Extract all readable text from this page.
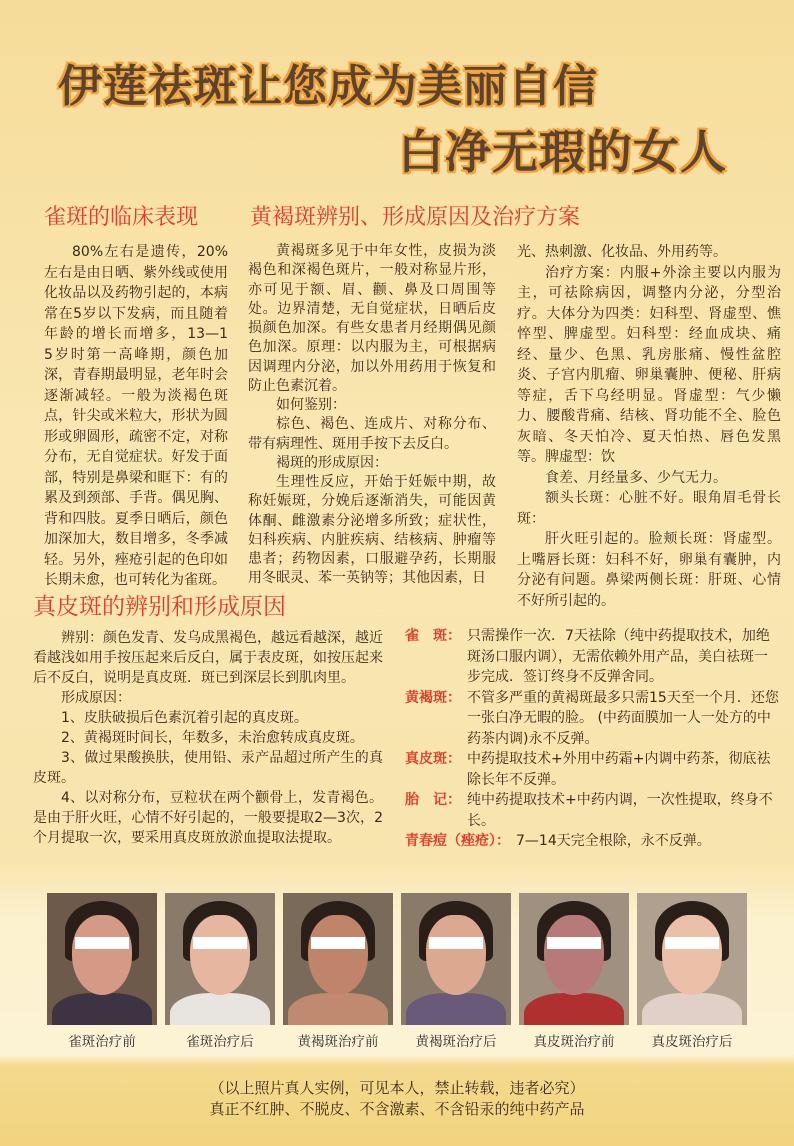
伊莲祛斑让您成为美丽自信
白净无瑕的女人
雀斑的临床表现 黄褐斑辨别、形成原因及治疗方案

80%左右是遗传，20%左右是由日晒、紫外线或使用化妆品以及药物引起的，本病常在5岁以下发病，而且随着年龄的增长而增多，13—1　5岁时第一高峰期，颜色加深，青春期最明显，老年时会逐渐减轻。一般为淡褐色斑点，针尖或米粒大，形状为圆形或卵圆形，疏密不定，对称分布，无自觉症状。好发于面部，特别是鼻梁和眶下：有的累及到颈部、手背。偶见胸、背和四肢。夏季日晒后，颜色加深加大，数目增多，冬季减轻。另外，痤疮引起的色印如长期未愈，也可转化为雀斑。

黄褐斑多见于中年女性，皮损为淡褐色和深褐色斑片，一般对称显片形，亦可见于额、眉、颧、鼻及口周围等处。边界清楚，无自觉症状，日晒后皮损颜色加深。有些女患者月经期偶见颜色加深。原理：以内服为主，可根据病因调理内分泌，加以外用药用于恢复和防止色素沉着。

如何鉴别：

棕色、褐色、连成片、对称分布、带有病理性、斑用手按下去反白。

褐斑的形成原因：

生理性反应，开始于妊娠中期，故称妊娠斑，分娩后逐渐消失，可能因黄体酮、雌激素分泌增多所致；症状性，妇科疾病、内脏疾病、结核病、肿瘤等患者；药物因素，口服避孕药，长期服用冬眠灵、苯一英钠等；其他因素，日

光、热刺激、化妆品、外用药等。

治疗方案：内服+外涂主要以内服为主，可祛除病因，调整内分泌，分型治疗。大体分为四类：妇科型、肾虚型、憔悴型、脾虚型。妇科型：经血成块、痛经、量少、色黑、乳房胀痛、慢性盆腔炎、子宫内肌瘤、卵巢囊肿、便秘、肝病等症，舌下乌经明显。肾虚型：气少懒力、腰酸背痛、结核、肾功能不全、脸色灰暗、冬天怕冷、夏天怕热、唇色发黑等。脾虚型：饮

食差、月经量多、少气无力。

额头长斑：心脏不好。眼角眉毛骨长斑：

肝火旺引起的。脸颊长斑：肾虚型。上嘴唇长斑：妇科不好，卵巢有囊肿，内分泌有问题。鼻梁两侧长斑：肝斑、心情不好所引起的。

真皮斑的辨别和形成原因

辨别：颜色发青、发乌成黑褐色，越远看越深，越近看越浅如用手按压起来后反白，属于表皮斑，如按压起来后不反白，说明是真皮斑．斑已到深层长到肌肉里。

形成原因：

1、皮肤破损后色素沉着引起的真皮斑。

2、黄褐斑时间长，年数多，未治愈转成真皮斑。

3、做过果酸换肤，使用铅、汞产品超过所产生的真皮斑。

4、以对称分布，豆粒状在两个颧骨上，发青褐色。是由于肝火旺，心情不好引起的，一般要提取2—3次，2个月提取一次，要采用真皮斑放淤血提取法提取。

雀　斑： 只需操作一次．7天祛除（纯中药提取技术，加绝斑汤口服内调），无需依赖外用产品，美白祛斑一步完成．签订终身不反弹舍同。
黄褐斑： 不管多严重的黄褐斑最多只需15天至一个月．还您一张白净无暇的脸。 (中药面膜加一人一处方的中药茶内调)永不反弹。
真皮斑： 中药提取技术+外用中药霜+内调中药茶，彻底祛除长年不反弹。
胎　记： 纯中药提取技术+中药内调，一次性提取，终身不长。
青春痘（痤疮）： 7—14天完全根除，永不反弹。
雀斑治疗前	雀斑治疗后	黄褐斑治疗前	黄褐斑治疗后	真皮斑治疗前	真皮斑治疗后
（以上照片真人实例，可见本人，禁止转载，违者必究）
真正不红肿、不脱皮、不含激素、不含铅汞的纯中药产品
